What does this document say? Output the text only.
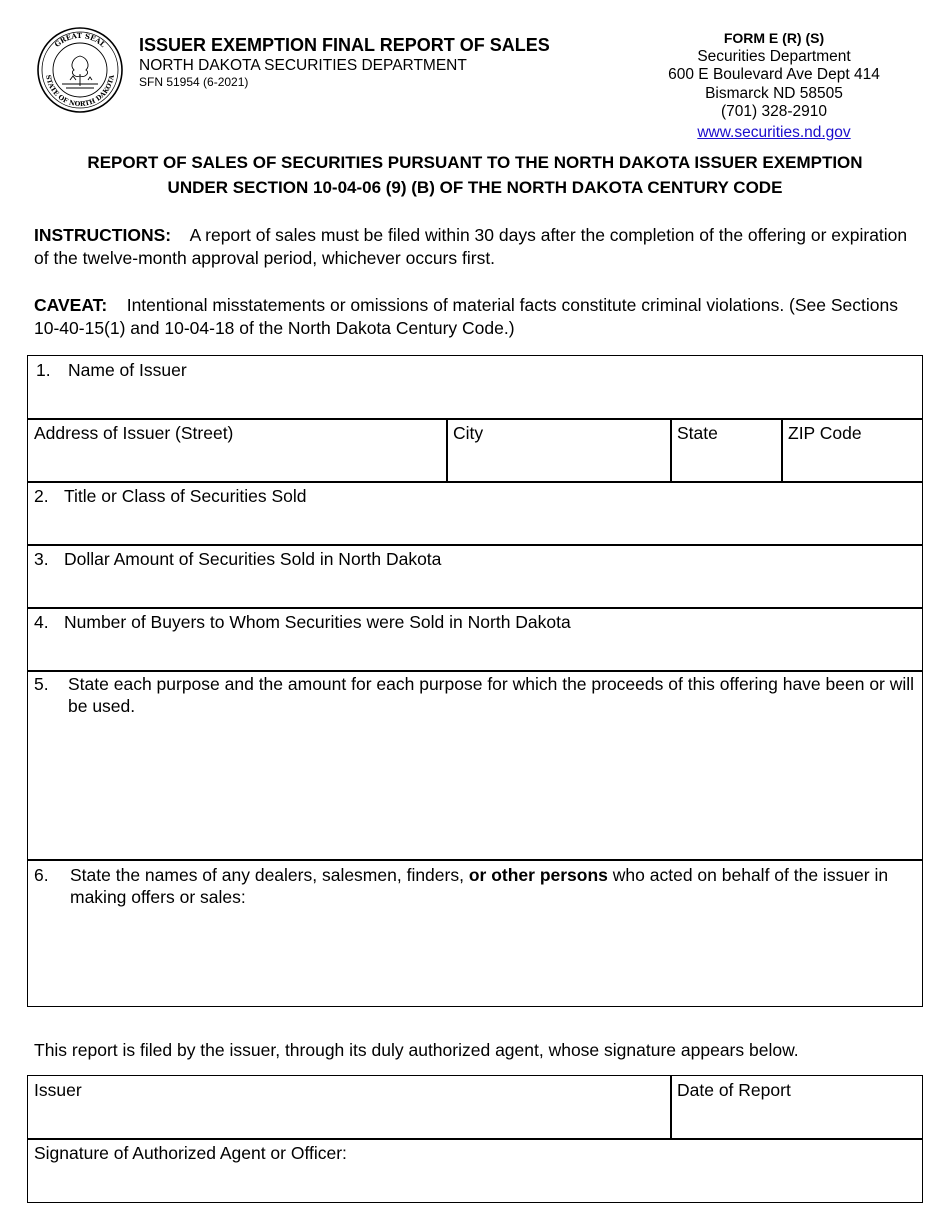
GREAT SEAL
STATE OF NORTH DAKOTA
ISSUER EXEMPTION FINAL REPORT OF SALES
NORTH DAKOTA SECURITIES DEPARTMENT
SFN 51954 (6-2021)
FORM E (R) (S)
Securities Department
600 E Boulevard Ave Dept 414
Bismarck ND 58505
(701) 328-2910
www.securities.nd.gov
REPORT OF SALES OF SECURITIES PURSUANT TO THE NORTH DAKOTA ISSUER EXEMPTION
UNDER SECTION 10-04-06 (9) (B) OF THE NORTH DAKOTA CENTURY CODE
INSTRUCTIONS: A report of sales must be filed within 30 days after the completion of the offering or expiration of the twelve-month approval period, whichever occurs first.
CAVEAT: Intentional misstatements or omissions of material facts constitute criminal violations. (See Sections 10-40-15(1) and 10-04-18 of the North Dakota Century Code.)
1. Name of Issuer
Address of Issuer (Street)	City	State	ZIP Code
2. Title or Class of Securities Sold
3. Dollar Amount of Securities Sold in North Dakota
4. Number of Buyers to Whom Securities were Sold in North Dakota
5.	State each purpose and the amount for each purpose for which the proceeds of this offering have been or will be used.
6.	State the names of any dealers, salesmen, finders, or other persons who acted on behalf of the issuer in making offers or sales:
This report is filed by the issuer, through its duly authorized agent, whose signature appears below.
Issuer	Date of Report
Signature of Authorized Agent or Officer:
